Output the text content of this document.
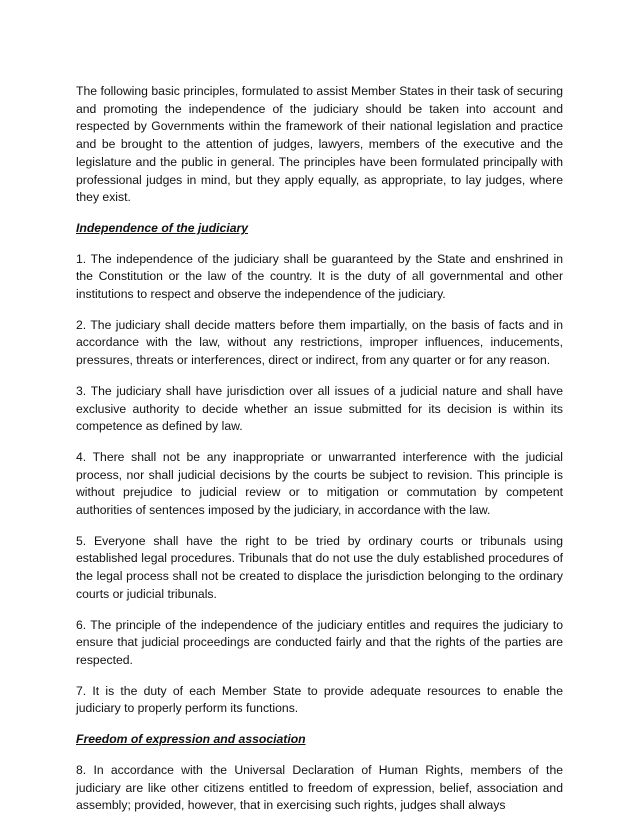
The following basic principles, formulated to assist Member States in their task of securing and promoting the independence of the judiciary should be taken into account and respected by Governments within the framework of their national legislation and practice and be brought to the attention of judges, lawyers, members of the executive and the legislature and the public in general. The principles have been formulated principally with professional judges in mind, but they apply equally, as appropriate, to lay judges, where they exist.

Independence of the judiciary

1. The independence of the judiciary shall be guaranteed by the State and enshrined in the Constitution or the law of the country. It is the duty of all governmental and other institutions to respect and observe the independence of the judiciary.

2. The judiciary shall decide matters before them impartially, on the basis of facts and in accordance with the law, without any restrictions, improper influences, inducements, pressures, threats or interferences, direct or indirect, from any quarter or for any reason.

3. The judiciary shall have jurisdiction over all issues of a judicial nature and shall have exclusive authority to decide whether an issue submitted for its decision is within its competence as defined by law.

4. There shall not be any inappropriate or unwarranted interference with the judicial process, nor shall judicial decisions by the courts be subject to revision. This principle is without prejudice to judicial review or to mitigation or commutation by competent authorities of sentences imposed by the judiciary, in accordance with the law.

5. Everyone shall have the right to be tried by ordinary courts or tribunals using established legal procedures. Tribunals that do not use the duly established procedures of the legal process shall not be created to displace the jurisdiction belonging to the ordinary courts or judicial tribunals.

6. The principle of the independence of the judiciary entitles and requires the judiciary to ensure that judicial proceedings are conducted fairly and that the rights of the parties are respected.

7. It is the duty of each Member State to provide adequate resources to enable the judiciary to properly perform its functions.

Freedom of expression and association

8. In accordance with the Universal Declaration of Human Rights, members of the judiciary are like other citizens entitled to freedom of expression, belief, association and assembly; provided, however, that in exercising such rights, judges shall always
